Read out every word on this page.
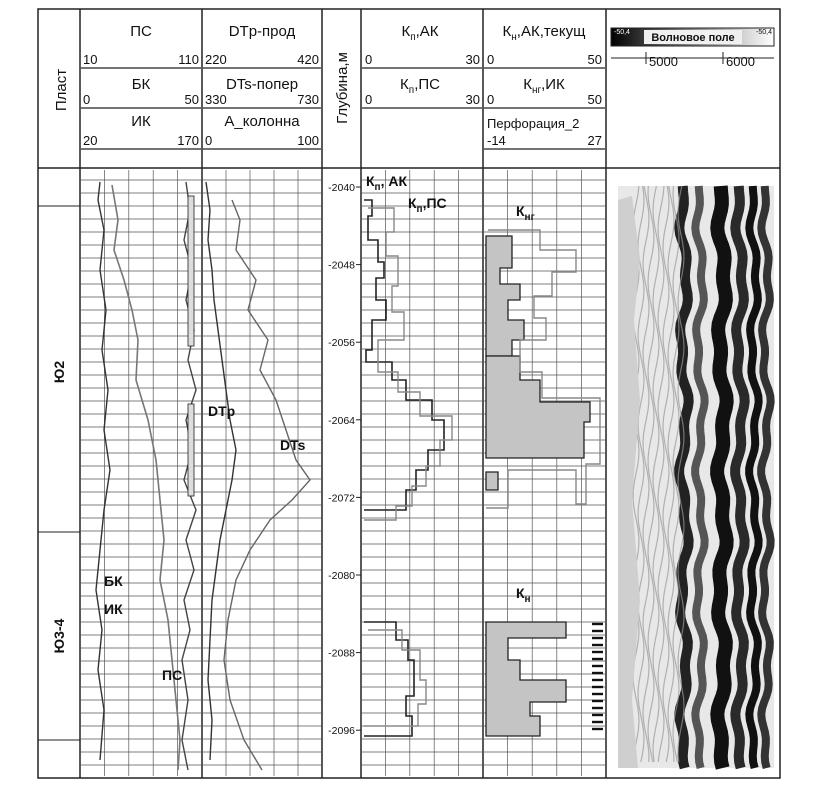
Пласт
ПС
10	110
БК
0	50
ИК
20	170
DTp-прод
220	420
DTs-попер
330	730
А_колонна
0	100
Глубина,м
$К_п,АК$
0	30
$К_п,ПС$
0	30
$К_н,АК,текущ$
0	50
$К_{нг},ИК$
0	50
Перфорация_2
-14	27
Волновое поле
-50,4	-50,4
5000	6000
Ю2
Ю3-4
БК
ИК
ПС
DTp
DTs
-2040
-2048
-2056
-2064
-2072
-2080
-2088
-2096
$К_п$, АК
$К_п,ПС$	$К_{нг}$
$К_н$
